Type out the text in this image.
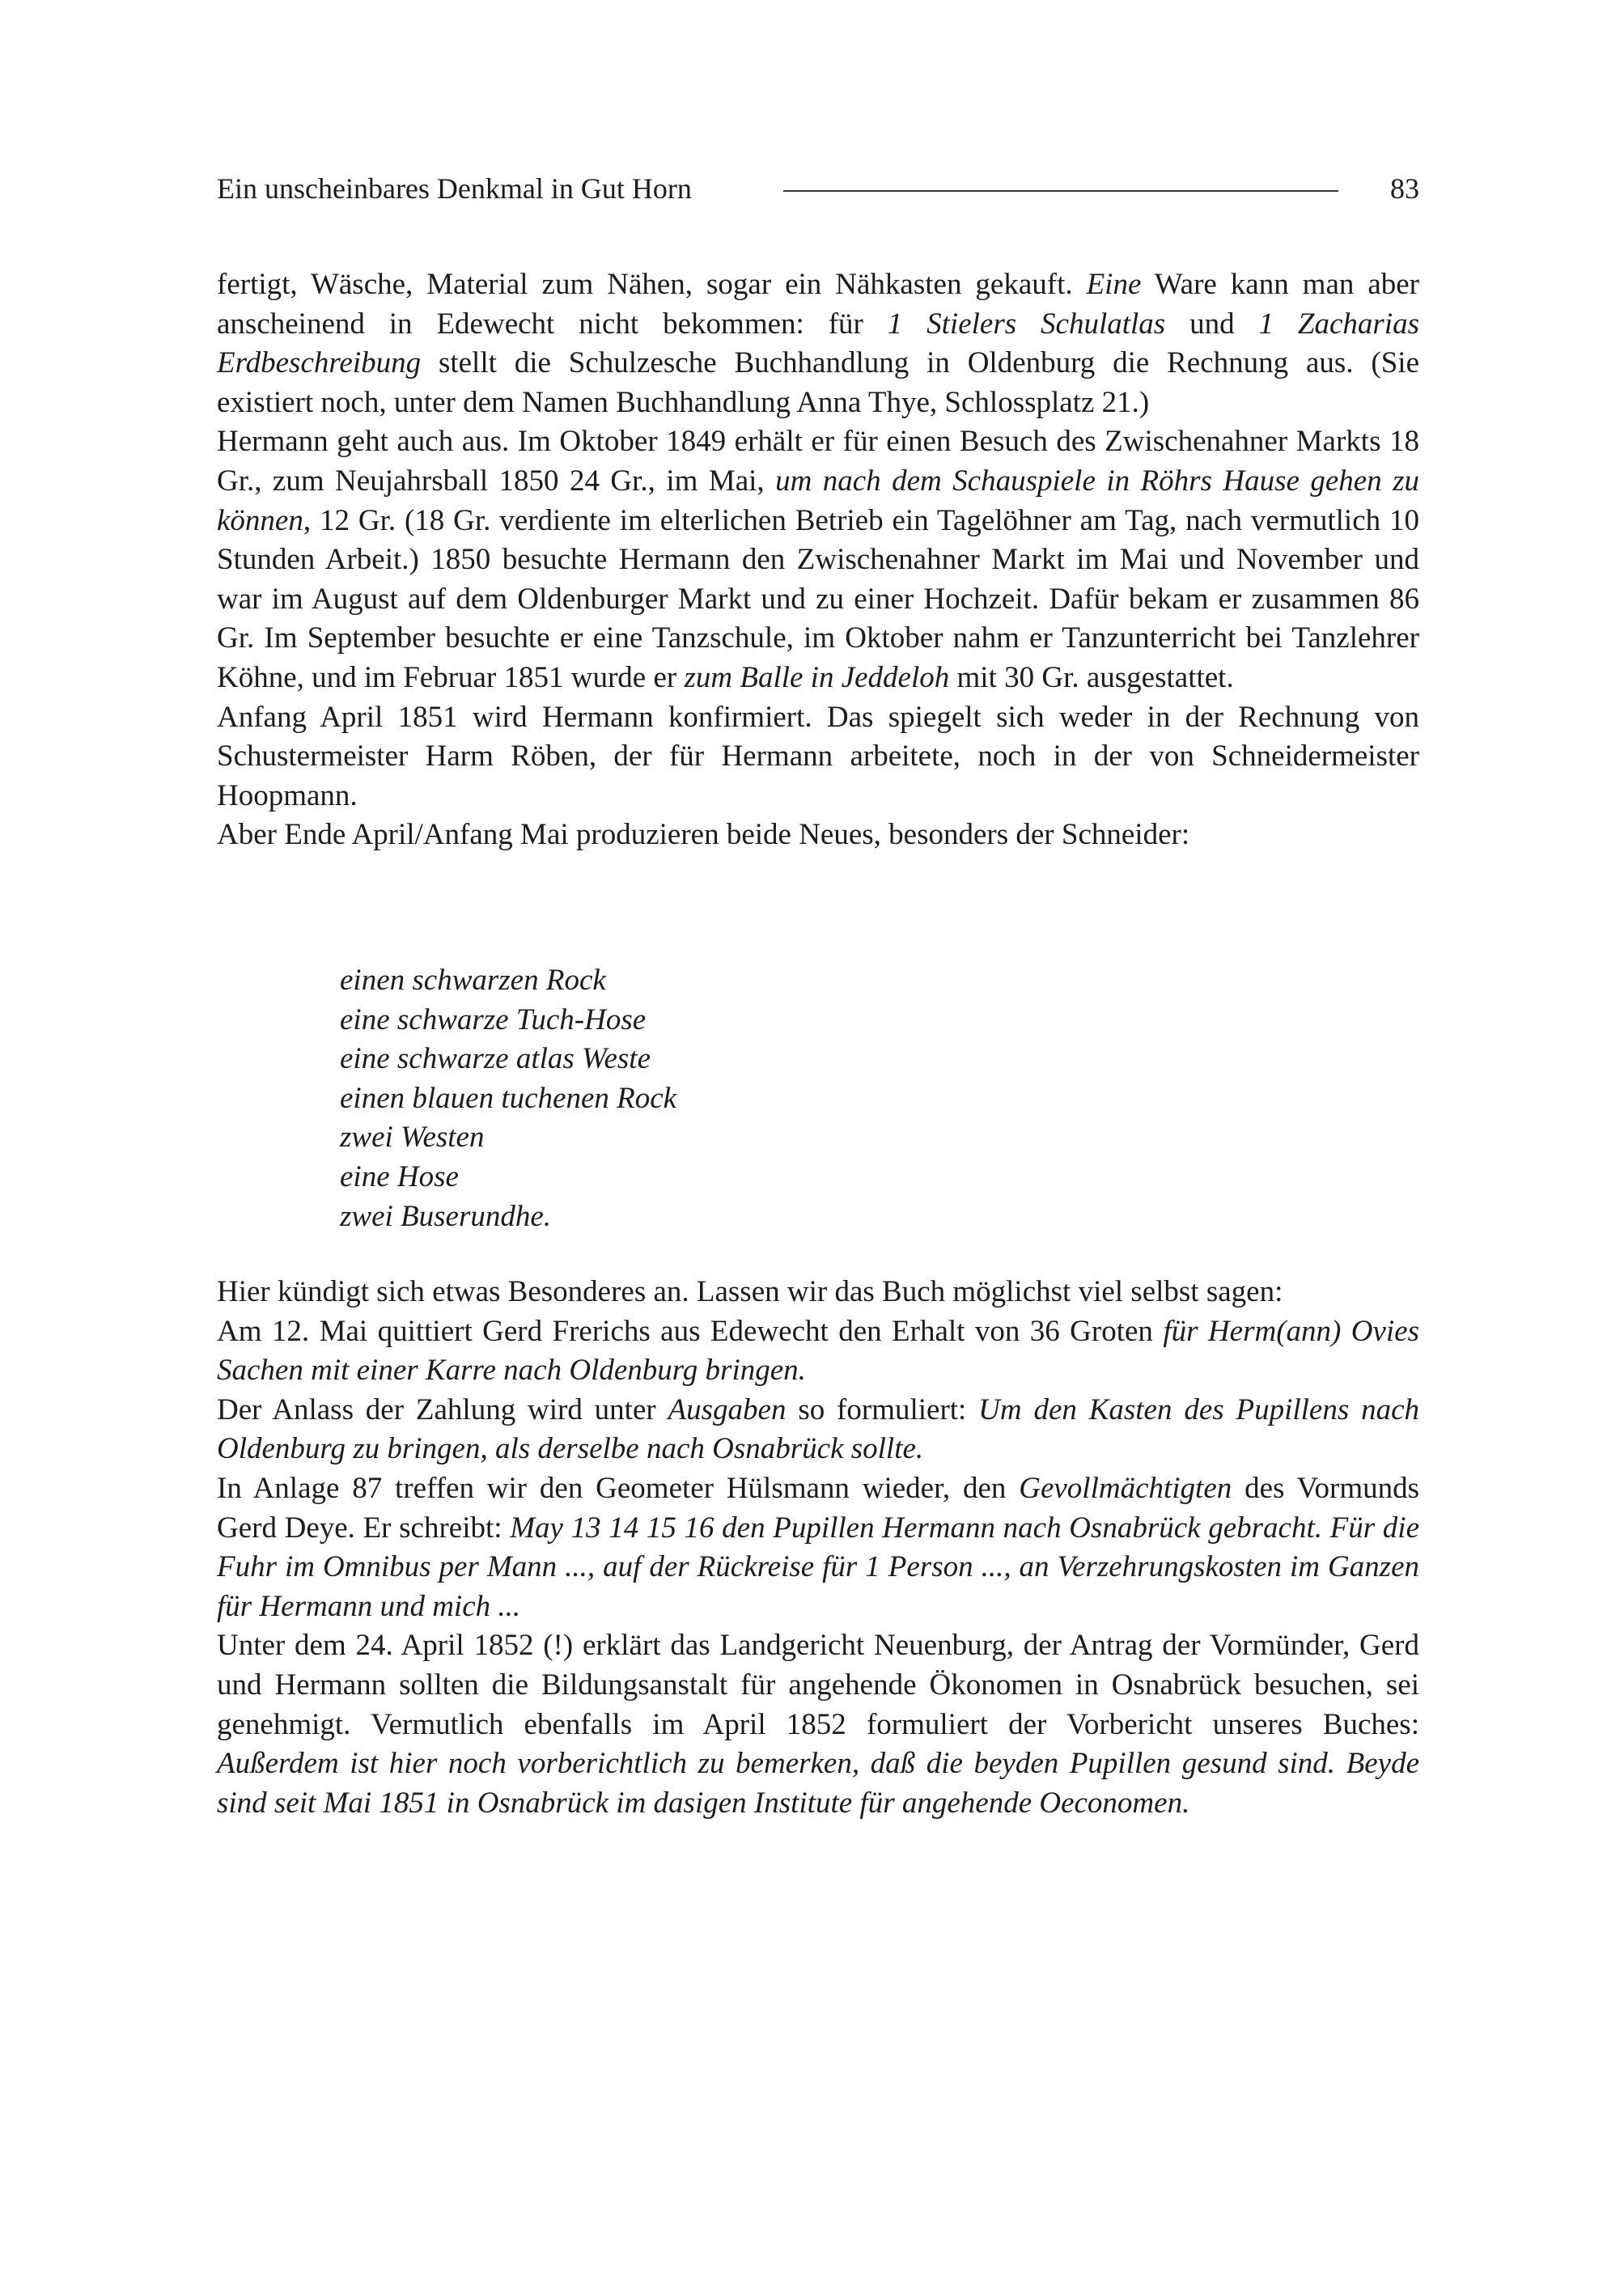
Ein unscheinbares Denkmal in Gut Horn	83

fertigt, Wäsche, Material zum Nähen, sogar ein Nähkasten gekauft. Eine Ware kann man aber anscheinend in Edewecht nicht bekommen: für 1 Stielers Schulatlas und 1 Zacharias Erdbeschreibung stellt die Schulzesche Buchhandlung in Oldenburg die Rechnung aus. (Sie existiert noch, unter dem Namen Buchhandlung Anna Thye, Schlossplatz 21.)

Hermann geht auch aus. Im Oktober 1849 erhält er für einen Besuch des Zwischenahner Markts 18 Gr., zum Neujahrsball 1850 24 Gr., im Mai, um nach dem Schauspiele in Röhrs Hause gehen zu können, 12 Gr. (18 Gr. verdiente im elterlichen Betrieb ein Tagelöhner am Tag, nach vermutlich 10 Stunden Arbeit.) 1850 besuchte Hermann den Zwischenahner Markt im Mai und November und war im August auf dem Oldenburger Markt und zu einer Hochzeit. Dafür bekam er zusammen 86 Gr. Im September besuchte er eine Tanzschule, im Oktober nahm er Tanzunterricht bei Tanzlehrer Köhne, und im Februar 1851 wurde er zum Balle in Jeddeloh mit 30 Gr. ausgestattet.

Anfang April 1851 wird Hermann konfirmiert. Das spiegelt sich weder in der Rechnung von Schustermeister Harm Röben, der für Hermann arbeitete, noch in der von Schneidermeister Hoopmann.

Aber Ende April/Anfang Mai produzieren beide Neues, besonders der Schneider:

einen schwarzen Rock
eine schwarze Tuch-Hose
eine schwarze atlas Weste
einen blauen tuchenen Rock
zwei Westen
eine Hose
zwei Buserundhe.

Hier kündigt sich etwas Besonderes an. Lassen wir das Buch möglichst viel selbst sagen:

Am 12. Mai quittiert Gerd Frerichs aus Edewecht den Erhalt von 36 Groten für Herm(ann) Ovies Sachen mit einer Karre nach Oldenburg bringen.

Der Anlass der Zahlung wird unter Ausgaben so formuliert: Um den Kasten des Pupillens nach Oldenburg zu bringen, als derselbe nach Osnabrück sollte.

In Anlage 87 treffen wir den Geometer Hülsmann wieder, den Gevollmächtigten des Vormunds Gerd Deye. Er schreibt: May 13 14 15 16 den Pupillen Hermann nach Osnabrück gebracht. Für die Fuhr im Omnibus per Mann ..., auf der Rückreise für 1 Person ..., an Verzehrungskosten im Ganzen für Hermann und mich ...

Unter dem 24. April 1852 (!) erklärt das Landgericht Neuenburg, der Antrag der Vormünder, Gerd und Hermann sollten die Bildungsanstalt für angehende Ökonomen in Osnabrück besuchen, sei genehmigt. Vermutlich ebenfalls im April 1852 formuliert der Vorbericht unseres Buches: Außerdem ist hier noch vorberichtlich zu bemerken, daß die beyden Pupillen gesund sind. Beyde sind seit Mai 1851 in Osnabrück im dasigen Institute für angehende Oeconomen.
